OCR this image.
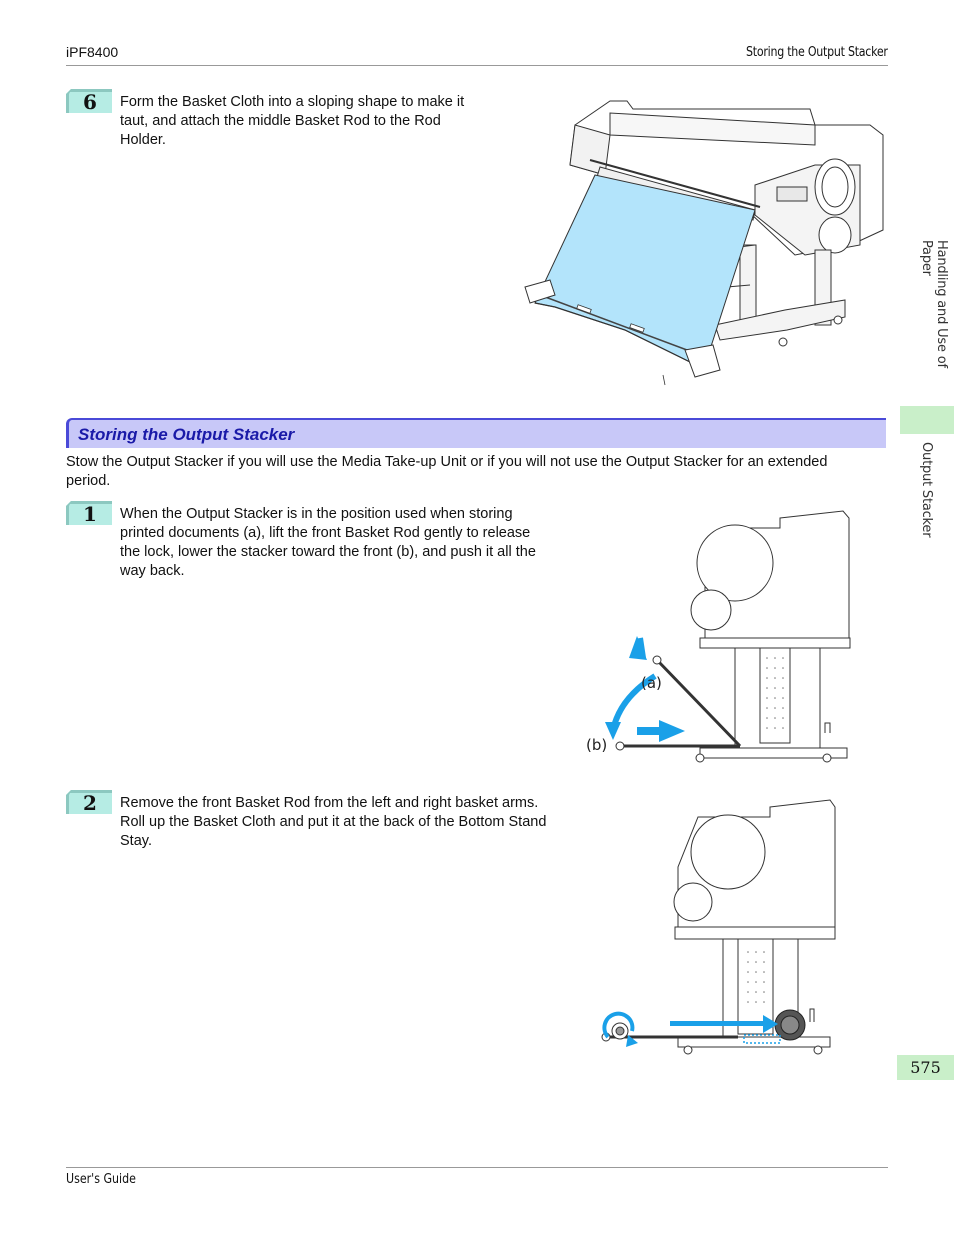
iPF8400	Storing the Output Stacker
6 Form the Basket Cloth into a sloping shape to make it
taut, and attach the middle Basket Rod to the Rod
Holder.
Storing the Output Stacker
Stow the Output Stacker if you will use the Media Take-up Unit or if you will not use the Output Stacker for an extended
period.
1 When the Output Stacker is in the position used when storing
printed documents (a), lift the front Basket Rod gently to release
the lock, lower the stacker toward the front (b), and push it all the
way back.
(a)
(b)
2 Remove the front Basket Rod from the left and right basket arms.
Roll up the Basket Cloth and put it at the back of the Bottom Stand
Stay.
Handling and Use of Paper
Output Stacker
575
User's Guide
